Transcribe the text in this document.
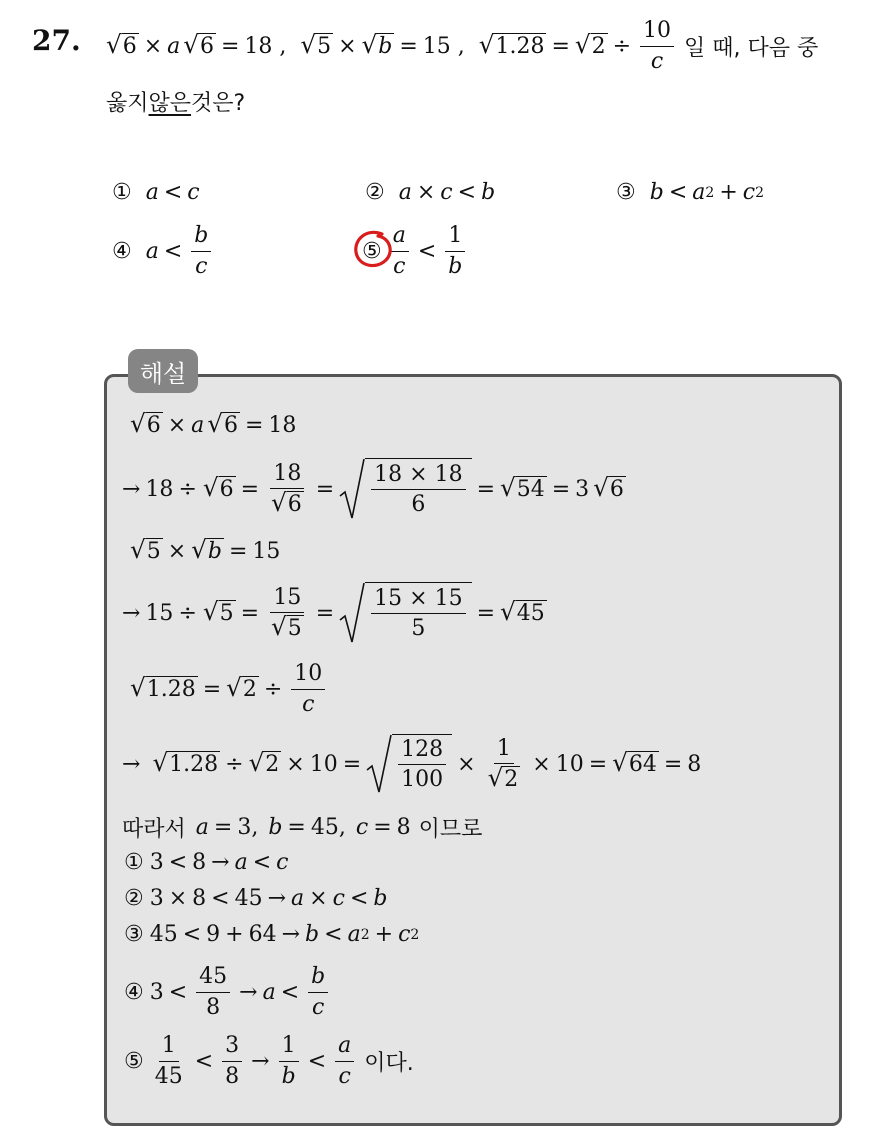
27. √ 6 × a √ 6 = 18 , √ 5 × √ b = 15 , √ 1.28 = √ $2 \div \frac{10}{c}$ 일 때, 다음 중
옳지 않은 것은?
① a < c	② a × c < b	③ b < a 2 + c 2
④ $a < \frac{b}{c}$	⑤ $\frac{a}{c} < \frac{1}{b}$
해설
√ 6 × a √ 6 = 18
→ 18 ÷ √ $6 = \frac{18}{√ 6} = \frac{18 \times 18}{6}$ = √ 54 = 3 √ 6
√ 5 × √ b = 15
→ 15 ÷ √ $5 = \frac{15}{√ 5} = \frac{15 \times 15}{5}$ = √ 45
√ 1.28 = √ $2 \div \frac{10}{c}$
→ √ 1.28 ÷ √ $2 \times 10 = \frac{128}{100} \times \frac{1}{√ 2} \times 10$ = √ 64 = 8
따라서 a = 3, b = 45, c = 8 이므로
① 3 < 8 → a < c
② 3 × 8 < 45 → a × c < b
③ 45 < 9 + 64 → b < a 2 + c 2
④ $3 < \frac{45}{8} \to a < \frac{b}{c}$
⑤ $\frac{1}{45} < \frac{3}{8} \to \frac{1}{b} < \frac{a}{c}$ 이다.
